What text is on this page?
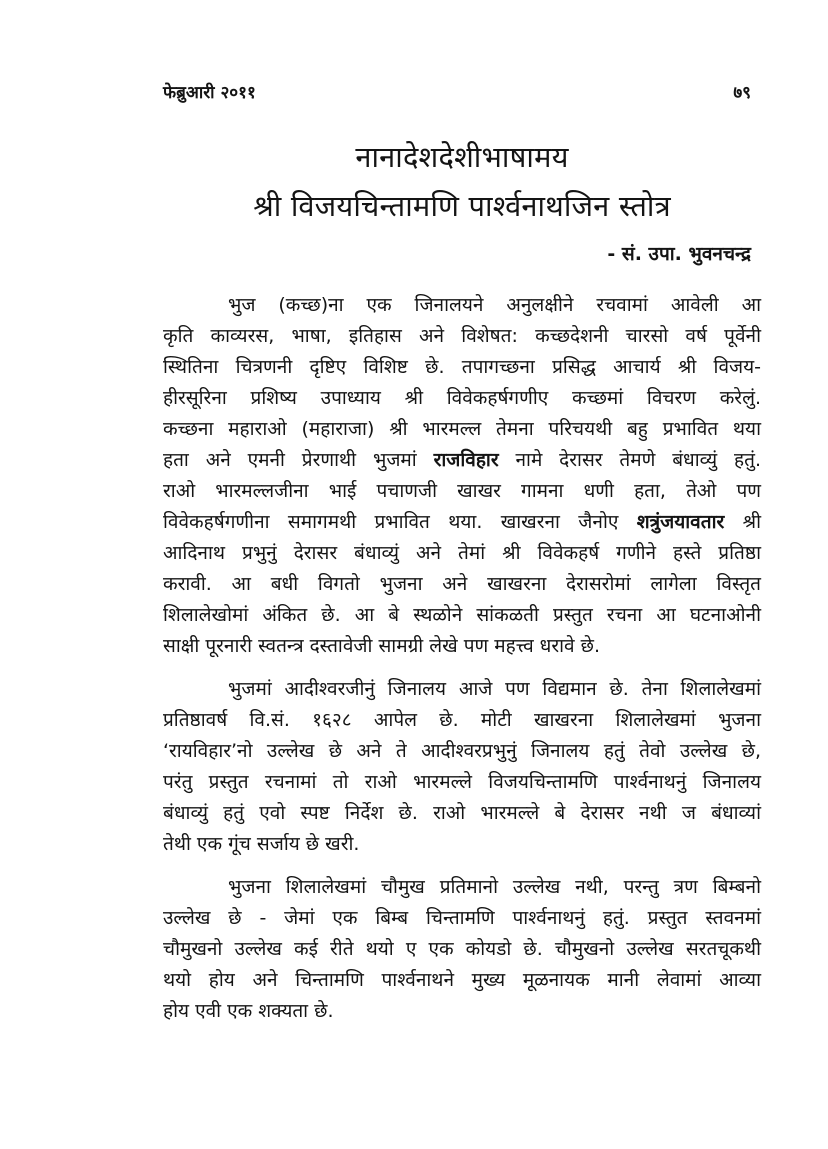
फेब्रुआरी २०११	७९
नानादेशदेशीभाषामय
श्री विजयचिन्तामणि पार्श्वनाथजिन स्तोत्र
- सं. उपा. भुवनचन्द्र
भुज (कच्छ)ना एक जिनालयने अनुलक्षीने रचवामां आवेली आ
कृति काव्यरस, भाषा, इतिहास अने विशेषत: कच्छदेशनी चारसो वर्ष पूर्वेनी
स्थितिना चित्रणनी दृष्टिए विशिष्ट छे. तपागच्छना प्रसिद्ध आचार्य श्री विजय-
हीरसूरिना प्रशिष्य उपाध्याय श्री विवेकहर्षगणीए कच्छमां विचरण करेलुं.
कच्छना महाराओ (महाराजा) श्री भारमल्ल तेमना परिचयथी बहु प्रभावित थया
हता अने एमनी प्रेरणाथी भुजमां राजविहार नामे देरासर तेमणे बंधाव्युं हतुं.
राओ भारमल्लजीना भाई पचाणजी खाखर गामना धणी हता, तेओ पण
विवेकहर्षगणीना समागमथी प्रभावित थया. खाखरना जैनोए शत्रुंजयावतार श्री
आदिनाथ प्रभुनुं देरासर बंधाव्युं अने तेमां श्री विवेकहर्ष गणीने हस्ते प्रतिष्ठा
करावी. आ बधी विगतो भुजना अने खाखरना देरासरोमां लागेला विस्तृत
शिलालेखोमां अंकित छे. आ बे स्थळोने सांकळती प्रस्तुत रचना आ घटनाओनी
साक्षी पूरनारी स्वतन्त्र दस्तावेजी सामग्री लेखे पण महत्त्व धरावे छे.
भुजमां आदीश्वरजीनुं जिनालय आजे पण विद्यमान छे. तेना शिलालेखमां
प्रतिष्ठावर्ष वि.सं. १६२८ आपेल छे. मोटी खाखरना शिलालेखमां भुजना
‘रायविहार’नो उल्लेख छे अने ते आदीश्वरप्रभुनुं जिनालय हतुं तेवो उल्लेख छे,
परंतु प्रस्तुत रचनामां तो राओ भारमल्ले विजयचिन्तामणि पार्श्वनाथनुं जिनालय
बंधाव्युं हतुं एवो स्पष्ट निर्देश छे. राओ भारमल्ले बे देरासर नथी ज बंधाव्यां
तेथी एक गूंच सर्जाय छे खरी.
भुजना शिलालेखमां चौमुख प्रतिमानो उल्लेख नथी, परन्तु त्रण बिम्बनो
उल्लेख छे - जेमां एक बिम्ब चिन्तामणि पार्श्वनाथनुं हतुं. प्रस्तुत स्तवनमां
चौमुखनो उल्लेख कई रीते थयो ए एक कोयडो छे. चौमुखनो उल्लेख सरतचूकथी
थयो होय अने चिन्तामणि पार्श्वनाथने मुख्य मूळनायक मानी लेवामां आव्या
होय एवी एक शक्यता छे.
